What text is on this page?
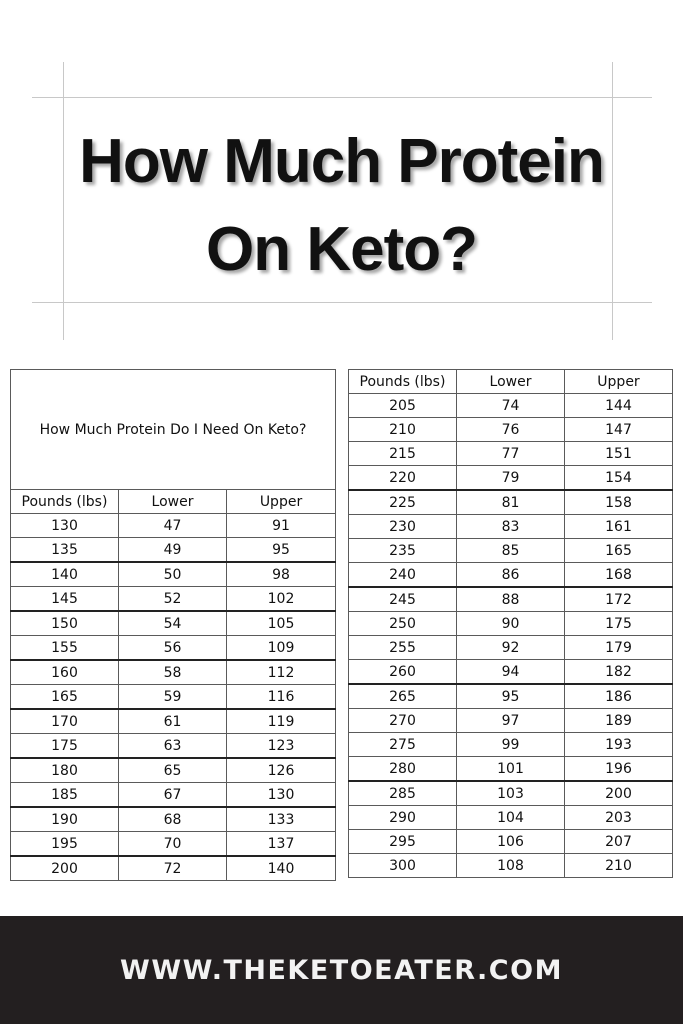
How Much Protein
On Keto?
How Much Protein Do I Need On Keto?		
Pounds (lbs)	Lower	Upper
130	47	91
135	49	95
140	50	98
145	52	102
150	54	105
155	56	109
160	58	112
165	59	116
170	61	119
175	63	123
180	65	126
185	67	130
190	68	133
195	70	137
200	72	140
Pounds (lbs)	Lower	Upper
205	74	144
210	76	147
215	77	151
220	79	154
225	81	158
230	83	161
235	85	165
240	86	168
245	88	172
250	90	175
255	92	179
260	94	182
265	95	186
270	97	189
275	99	193
280	101	196
285	103	200
290	104	203
295	106	207
300	108	210
WWW.THEKETOEATER.COM
